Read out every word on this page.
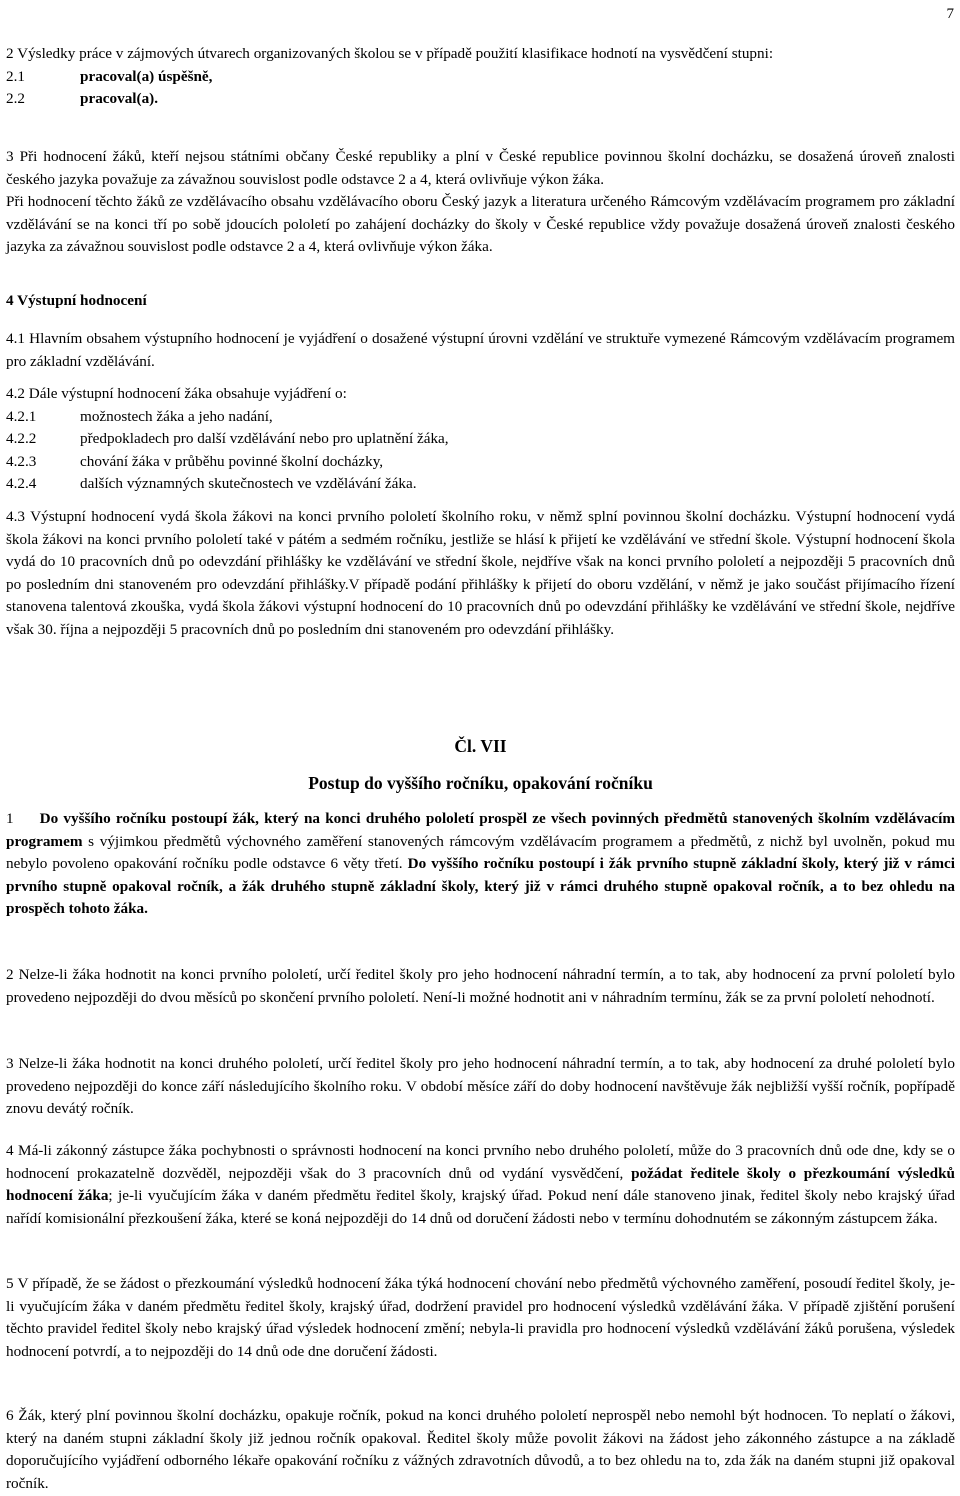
7

2 Výsledky práce v zájmových útvarech organizovaných školou se v případě použití klasifikace hodnotí na vysvědčení stupni:

2.1	pracoval(a) úspěšně,
2.2	pracoval(a).

3 Při hodnocení žáků, kteří nejsou státními občany České republiky a plní v České republice povinnou školní docházku, se dosažená úroveň znalosti českého jazyka považuje za závažnou souvislost podle odstavce 2 a 4, která ovlivňuje výkon žáka.

Při hodnocení těchto žáků ze vzdělávacího obsahu vzdělávacího oboru Český jazyk a literatura určeného Rámcovým vzdělávacím programem pro základní vzdělávání se na konci tří po sobě jdoucích pololetí po zahájení docházky do školy v České republice vždy považuje dosažená úroveň znalosti českého jazyka za závažnou souvislost podle odstavce 2 a 4, která ovlivňuje výkon žáka.

4 Výstupní hodnocení

4.1 Hlavním obsahem výstupního hodnocení je vyjádření o dosažené výstupní úrovni vzdělání ve struktuře vymezené Rámcovým vzdělávacím programem pro základní vzdělávání.

4.2 Dále výstupní hodnocení žáka obsahuje vyjádření o:

4.2.1	možnostech žáka a jeho nadání,
4.2.2	předpokladech pro další vzdělávání nebo pro uplatnění žáka,
4.2.3	chování žáka v průběhu povinné školní docházky,
4.2.4	dalších významných skutečnostech ve vzdělávání žáka.

4.3 Výstupní hodnocení vydá škola žákovi na konci prvního pololetí školního roku, v němž splní povinnou školní docházku. Výstupní hodnocení vydá škola žákovi na konci prvního pololetí také v pátém a sedmém ročníku, jestliže se hlásí k přijetí ke vzdělávání ve střední škole. Výstupní hodnocení škola vydá do 10 pracovních dnů po odevzdání přihlášky ke vzdělávání ve střední škole, nejdříve však na konci prvního pololetí a nejpozději 5 pracovních dnů po posledním dni stanoveném pro odevzdání přihlášky.V případě podání přihlášky k přijetí do oboru vzdělání, v němž je jako součást přijímacího řízení stanovena talentová zkouška, vydá škola žákovi výstupní hodnocení do 10 pracovních dnů po odevzdání přihlášky ke vzdělávání ve střední škole, nejdříve však 30. října a nejpozději 5 pracovních dnů po posledním dni stanoveném pro odevzdání přihlášky.

Čl. VII
Postup do vyššího ročníku, opakování ročníku

1 Do vyššího ročníku postoupí žák, který na konci druhého pololetí prospěl ze všech povinných předmětů stanovených školním vzdělávacím programem s výjimkou předmětů výchovného zaměření stanovených rámcovým vzdělávacím programem a předmětů, z nichž byl uvolněn, pokud mu nebylo povoleno opakování ročníku podle odstavce 6 věty třetí. Do vyššího ročníku postoupí i žák prvního stupně základní školy, který již v rámci prvního stupně opakoval ročník, a žák druhého stupně základní školy, který již v rámci druhého stupně opakoval ročník, a to bez ohledu na prospěch tohoto žáka.

2 Nelze-li žáka hodnotit na konci prvního pololetí, určí ředitel školy pro jeho hodnocení náhradní termín, a to tak, aby hodnocení za první pololetí bylo provedeno nejpozději do dvou měsíců po skončení prvního pololetí. Není-li možné hodnotit ani v náhradním termínu, žák se za první pololetí nehodnotí.

3 Nelze-li žáka hodnotit na konci druhého pololetí, určí ředitel školy pro jeho hodnocení náhradní termín, a to tak, aby hodnocení za druhé pololetí bylo provedeno nejpozději do konce září následujícího školního roku. V období měsíce září do doby hodnocení navštěvuje žák nejbližší vyšší ročník, popřípadě znovu devátý ročník.

4 Má-li zákonný zástupce žáka pochybnosti o správnosti hodnocení na konci prvního nebo druhého pololetí, může do 3 pracovních dnů ode dne, kdy se o hodnocení prokazatelně dozvěděl, nejpozději však do 3 pracovních dnů od vydání vysvědčení, požádat ředitele školy o přezkoumání výsledků hodnocení žáka; je-li vyučujícím žáka v daném předmětu ředitel školy, krajský úřad. Pokud není dále stanoveno jinak, ředitel školy nebo krajský úřad nařídí komisionální přezkoušení žáka, které se koná nejpozději do 14 dnů od doručení žádosti nebo v termínu dohodnutém se zákonným zástupcem žáka.

5 V případě, že se žádost o přezkoumání výsledků hodnocení žáka týká hodnocení chování nebo předmětů výchovného zaměření, posoudí ředitel školy, je-li vyučujícím žáka v daném předmětu ředitel školy, krajský úřad, dodržení pravidel pro hodnocení výsledků vzdělávání žáka. V případě zjištění porušení těchto pravidel ředitel školy nebo krajský úřad výsledek hodnocení změní; nebyla-li pravidla pro hodnocení výsledků vzdělávání žáků porušena, výsledek hodnocení potvrdí, a to nejpozději do 14 dnů ode dne doručení žádosti.

6 Žák, který plní povinnou školní docházku, opakuje ročník, pokud na konci druhého pololetí neprospěl nebo nemohl být hodnocen. To neplatí o žákovi, který na daném stupni základní školy již jednou ročník opakoval. Ředitel školy může povolit žákovi na žádost jeho zákonného zástupce a na základě doporučujícího vyjádření odborného lékaře opakování ročníku z vážných zdravotních důvodů, a to bez ohledu na to, zda žák na daném stupni již opakoval ročník.
